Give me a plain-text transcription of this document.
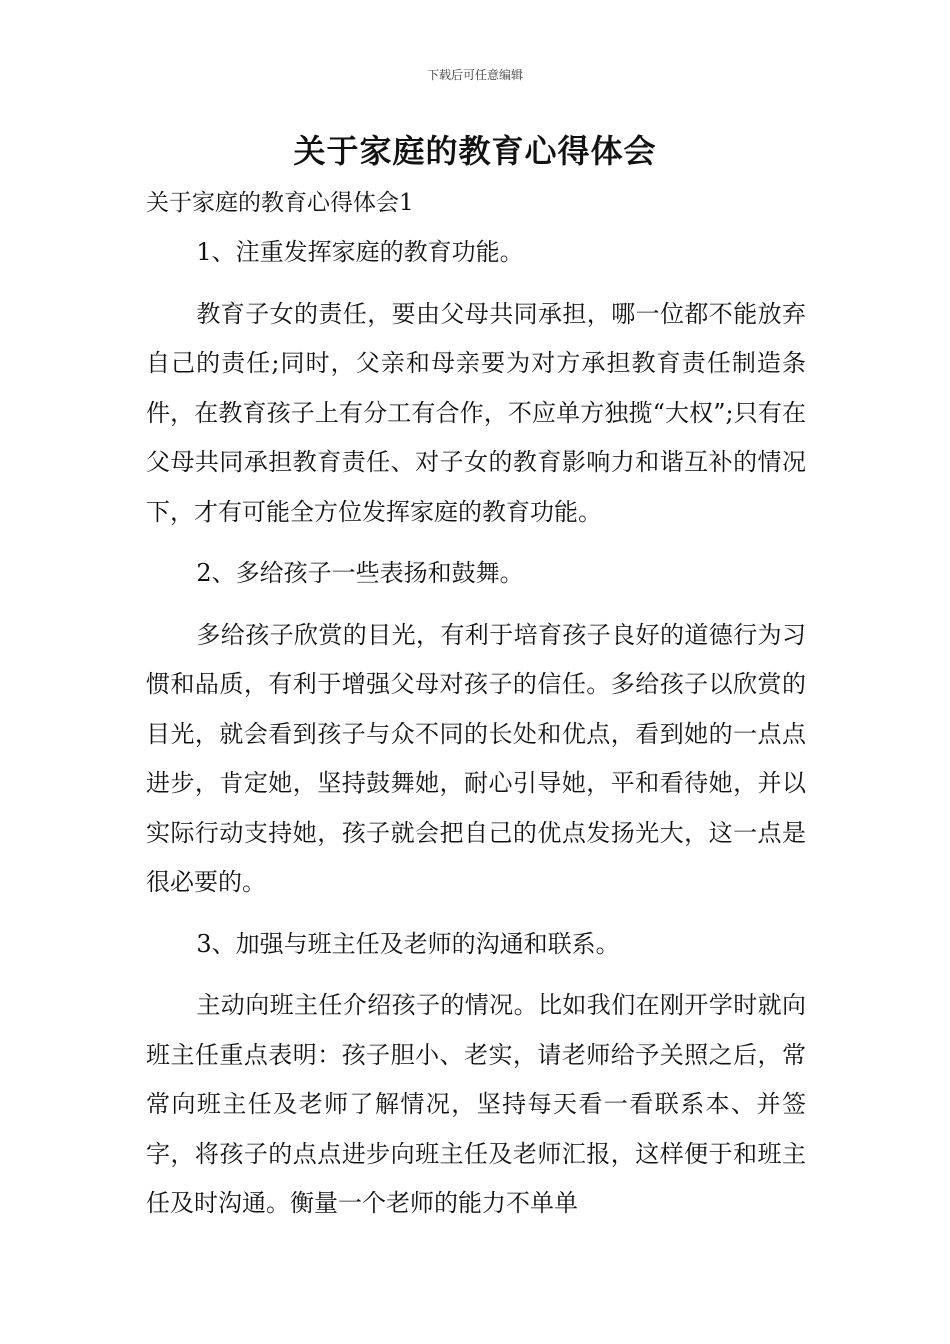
下载后可任意编辑
关于家庭的教育心得体会
关于家庭的教育心得体会1

1、注重发挥家庭的教育功能。

教育子女的责任，要由父母共同承担，哪一位都不能放弃自己的责任;同时，父亲和母亲要为对方承担教育责任制造条件，在教育孩子上有分工有合作，不应单方独揽“大权”;只有在父母共同承担教育责任、对子女的教育影响力和谐互补的情况下，才有可能全方位发挥家庭的教育功能。

2、多给孩子一些表扬和鼓舞。

多给孩子欣赏的目光，有利于培育孩子良好的道德行为习惯和品质，有利于增强父母对孩子的信任。多给孩子以欣赏的目光，就会看到孩子与众不同的长处和优点，看到她的一点点进步，肯定她，坚持鼓舞她，耐心引导她，平和看待她，并以实际行动支持她，孩子就会把自己的优点发扬光大，这一点是很必要的。

3、加强与班主任及老师的沟通和联系。

主动向班主任介绍孩子的情况。比如我们在刚开学时就向班主任重点表明：孩子胆小、老实，请老师给予关照之后，常常向班主任及老师了解情况，坚持每天看一看联系本、并签字，将孩子的点点进步向班主任及老师汇报，这样便于和班主任及时沟通。衡量一个老师的能力不单单
